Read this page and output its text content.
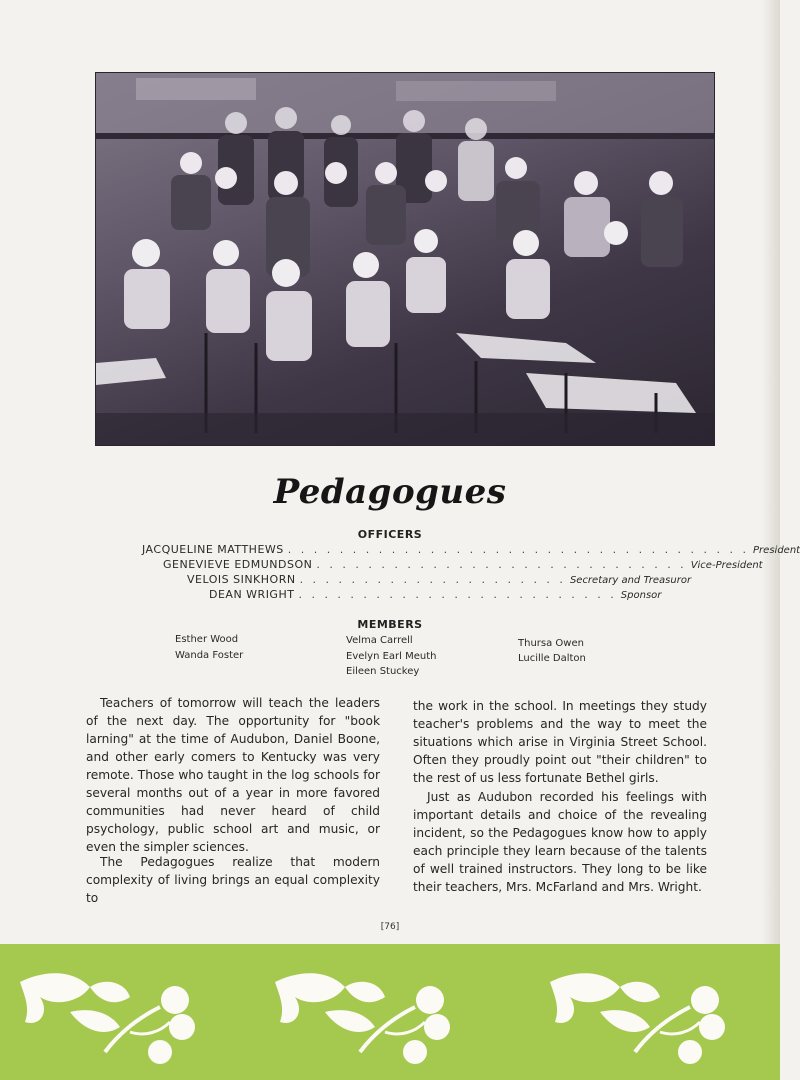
Pedagogues
OFFICERS
JACQUELINE MATTHEWS . . . . . . . . . . . . . . . . . . . . . . . . . . . . . . . . . . . . President
GENEVIEVE EDMUNDSON . . . . . . . . . . . . . . . . . . . . . . . . . . . . . Vice-President
VELOIS SINKHORN . . . . . . . . . . . . . . . . . . . . . Secretary and Treasuror
DEAN WRIGHT . . . . . . . . . . . . . . . . . . . . . . . . . Sponsor
MEMBERS
Esther Wood
Wanda Foster
Velma Carrell
Evelyn Earl Meuth
Eileen Stuckey
Thursa Owen
Lucille Dalton

Teachers of tomorrow will teach the leaders of the next day. The opportunity for "book larning" at the time of Audubon, Daniel Boone, and other early comers to Kentucky was very remote. Those who taught in the log schools for several months out of a year in more favored communities had never heard of child psychology, public school art and music, or even the simpler sciences.

The Pedagogues realize that modern complexity of living brings an equal complexity to

the work in the school. In meetings they study teacher's problems and the way to meet the situations which arise in Virginia Street School. Often they proudly point out "their children" to the rest of us less fortunate Bethel girls.

Just as Audubon recorded his feelings with important details and choice of the revealing incident, so the Pedagogues know how to apply each principle they learn because of the talents of well trained instructors. They long to be like their teachers, Mrs. McFarland and Mrs. Wright.

[76]
